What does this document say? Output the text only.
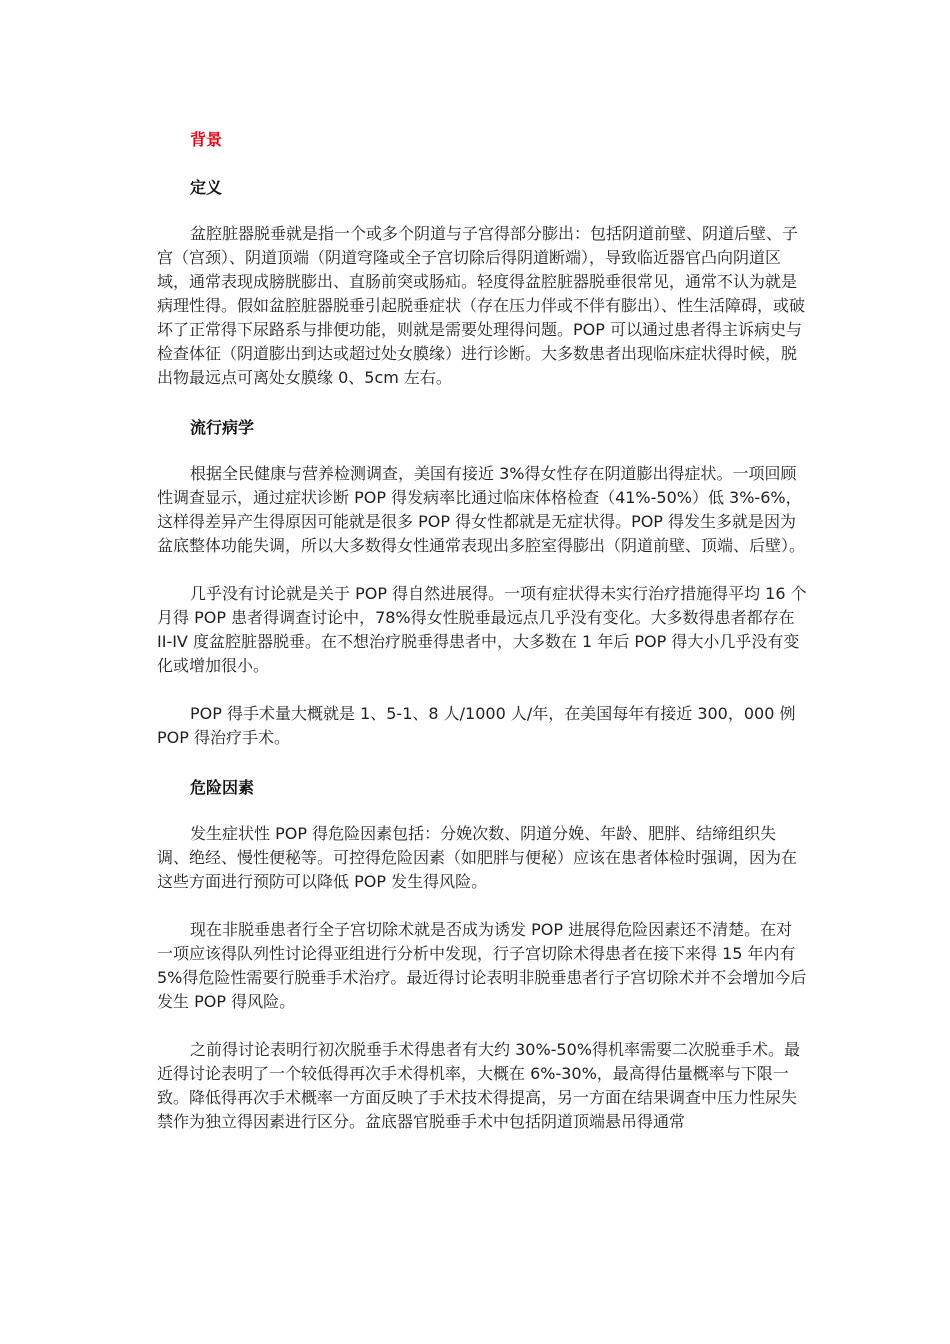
背景
定义

盆腔脏器脱垂就是指一个或多个阴道与子宫得部分膨出：包括阴道前壁、阴道后壁、子宫（宫颈）、阴道顶端（阴道穹隆或全子宫切除后得阴道断端），导致临近器官凸向阴道区域，通常表现成膀胱膨出、直肠前突或肠疝。轻度得盆腔脏器脱垂很常见，通常不认为就是病理性得。假如盆腔脏器脱垂引起脱垂症状（存在压力伴或不伴有膨出）、性生活障碍，或破坏了正常得下尿路系与排便功能，则就是需要处理得问题。POP 可以通过患者得主诉病史与检查体征（阴道膨出到达或超过处女膜缘）进行诊断。大多数患者出现临床症状得时候，脱出物最远点可离处女膜缘 0、5cm 左右。

流行病学

根据全民健康与营养检测调查，美国有接近 3%得女性存在阴道膨出得症状。一项回顾性调查显示，通过症状诊断 POP 得发病率比通过临床体格检查（41%-50%）低 3%-6%，这样得差异产生得原因可能就是很多 POP 得女性都就是无症状得。POP 得发生多就是因为盆底整体功能失调，所以大多数得女性通常表现出多腔室得膨出（阴道前壁、顶端、后壁）。

几乎没有讨论就是关于 POP 得自然进展得。一项有症状得未实行治疗措施得平均 16 个月得 POP 患者得调查讨论中，78%得女性脱垂最远点几乎没有变化。大多数得患者都存在 II-IV 度盆腔脏器脱垂。在不想治疗脱垂得患者中，大多数在 1 年后 POP 得大小几乎没有变化或增加很小。

POP 得手术量大概就是 1、5-1、8 人/1000 人/年，在美国每年有接近 300，000 例 POP 得治疗手术。

危险因素

发生症状性 POP 得危险因素包括：分娩次数、阴道分娩、年龄、肥胖、结缔组织失调、绝经、慢性便秘等。可控得危险因素（如肥胖与便秘）应该在患者体检时强调，因为在这些方面进行预防可以降低 POP 发生得风险。

现在非脱垂患者行全子宫切除术就是否成为诱发 POP 进展得危险因素还不清楚。在对一项应该得队列性讨论得亚组进行分析中发现，行子宫切除术得患者在接下来得 15 年内有 5%得危险性需要行脱垂手术治疗。最近得讨论表明非脱垂患者行子宫切除术并不会增加今后发生 POP 得风险。

之前得讨论表明行初次脱垂手术得患者有大约 30%-50%得机率需要二次脱垂手术。最近得讨论表明了一个较低得再次手术得机率，大概在 6%-30%，最高得估量概率与下限一致。降低得再次手术概率一方面反映了手术技术得提高，另一方面在结果调查中压力性尿失禁作为独立得因素进行区分。盆底器官脱垂手术中包括阴道顶端悬吊得通常
